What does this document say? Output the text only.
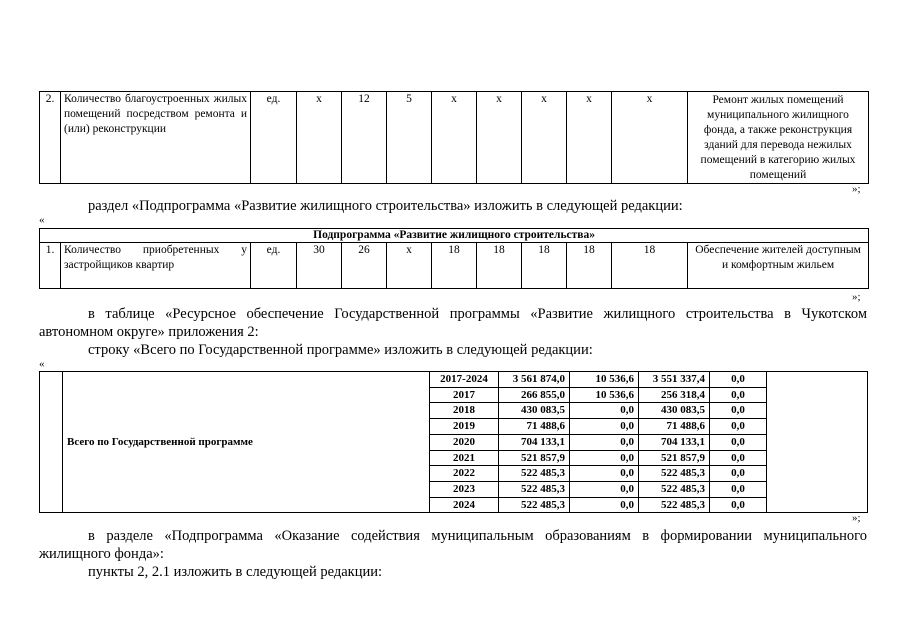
2.	Количество благоустроенных жилых помещений посредством ремонта и (или) реконструкции	ед.	х	12	5	х	х	х	х	х	Ремонт жилых помещений муниципального жилищного фонда, а также реконструкция зданий для перевода нежилых помещений в категорию жилых помещений
»;
раздел «Подпрограмма «Развитие жилищного строительства» изложить в следующей редакции:
«
Подпрограмма «Развитие жилищного строительства»
1.	Количество приобретенных у застройщиков квартир	ед.	30	26	х	18	18	18	18	18	Обеспечение жителей доступным и комфортным жильем
»;
в таблице «Ресурсное обеспечение Государственной программы «Развитие жилищного строительства в Чукотском
автономном округе» приложения 2:
строку «Всего по Государственной программе» изложить в следующей редакции:
«
	Всего по Государственной программе	2017-2024	3 561 874,0	10 536,6	3 551 337,4	0,0	
		2017	266 855,0	10 536,6	256 318,4	0,0	
		2018	430 083,5	0,0	430 083,5	0,0	
		2019	71 488,6	0,0	71 488,6	0,0	
		2020	704 133,1	0,0	704 133,1	0,0	
		2021	521 857,9	0,0	521 857,9	0,0	
		2022	522 485,3	0,0	522 485,3	0,0	
		2023	522 485,3	0,0	522 485,3	0,0	
		2024	522 485,3	0,0	522 485,3	0,0	
»;
в разделе «Подпрограмма «Оказание содействия муниципальным образованиям в формировании муниципального
жилищного фонда»:
пункты 2, 2.1 изложить в следующей редакции:
